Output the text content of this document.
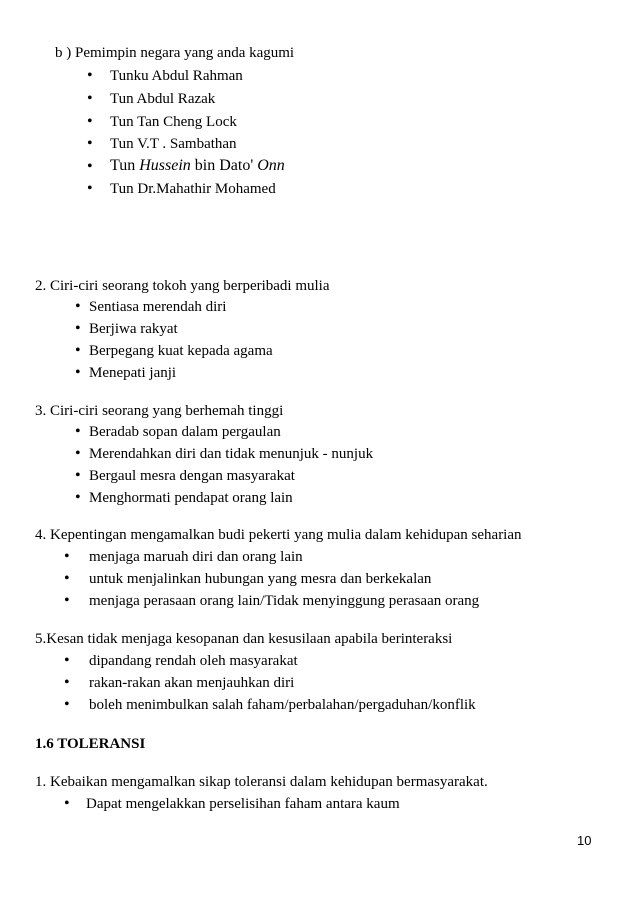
b ) Pemimpin negara yang anda kagumi
• Tunku Abdul Rahman
• Tun Abdul Razak
• Tun Tan Cheng Lock
• Tun V.T . Sambathan
• Tun Hussein bin Dato' Onn
• Tun Dr.Mahathir Mohamed
2. Ciri-ciri seorang tokoh yang berperibadi mulia
• Sentiasa merendah diri
• Berjiwa rakyat
• Berpegang kuat kepada agama
• Menepati janji
3. Ciri-ciri seorang yang berhemah tinggi
• Beradab sopan dalam pergaulan
• Merendahkan diri dan tidak menunjuk - nunjuk
• Bergaul mesra dengan masyarakat
• Menghormati pendapat orang lain
4. Kepentingan mengamalkan budi pekerti yang mulia dalam kehidupan seharian
• menjaga maruah diri dan orang lain
• untuk menjalinkan hubungan yang mesra dan berkekalan
• menjaga perasaan orang lain/Tidak menyinggung perasaan orang
5.Kesan tidak menjaga kesopanan dan kesusilaan apabila berinteraksi
• dipandang rendah oleh masyarakat
• rakan-rakan akan menjauhkan diri
• boleh menimbulkan salah faham/perbalahan/pergaduhan/konflik
1.6 TOLERANSI
1. Kebaikan mengamalkan sikap toleransi dalam kehidupan bermasyarakat.
• Dapat mengelakkan perselisihan faham antara kaum
10
